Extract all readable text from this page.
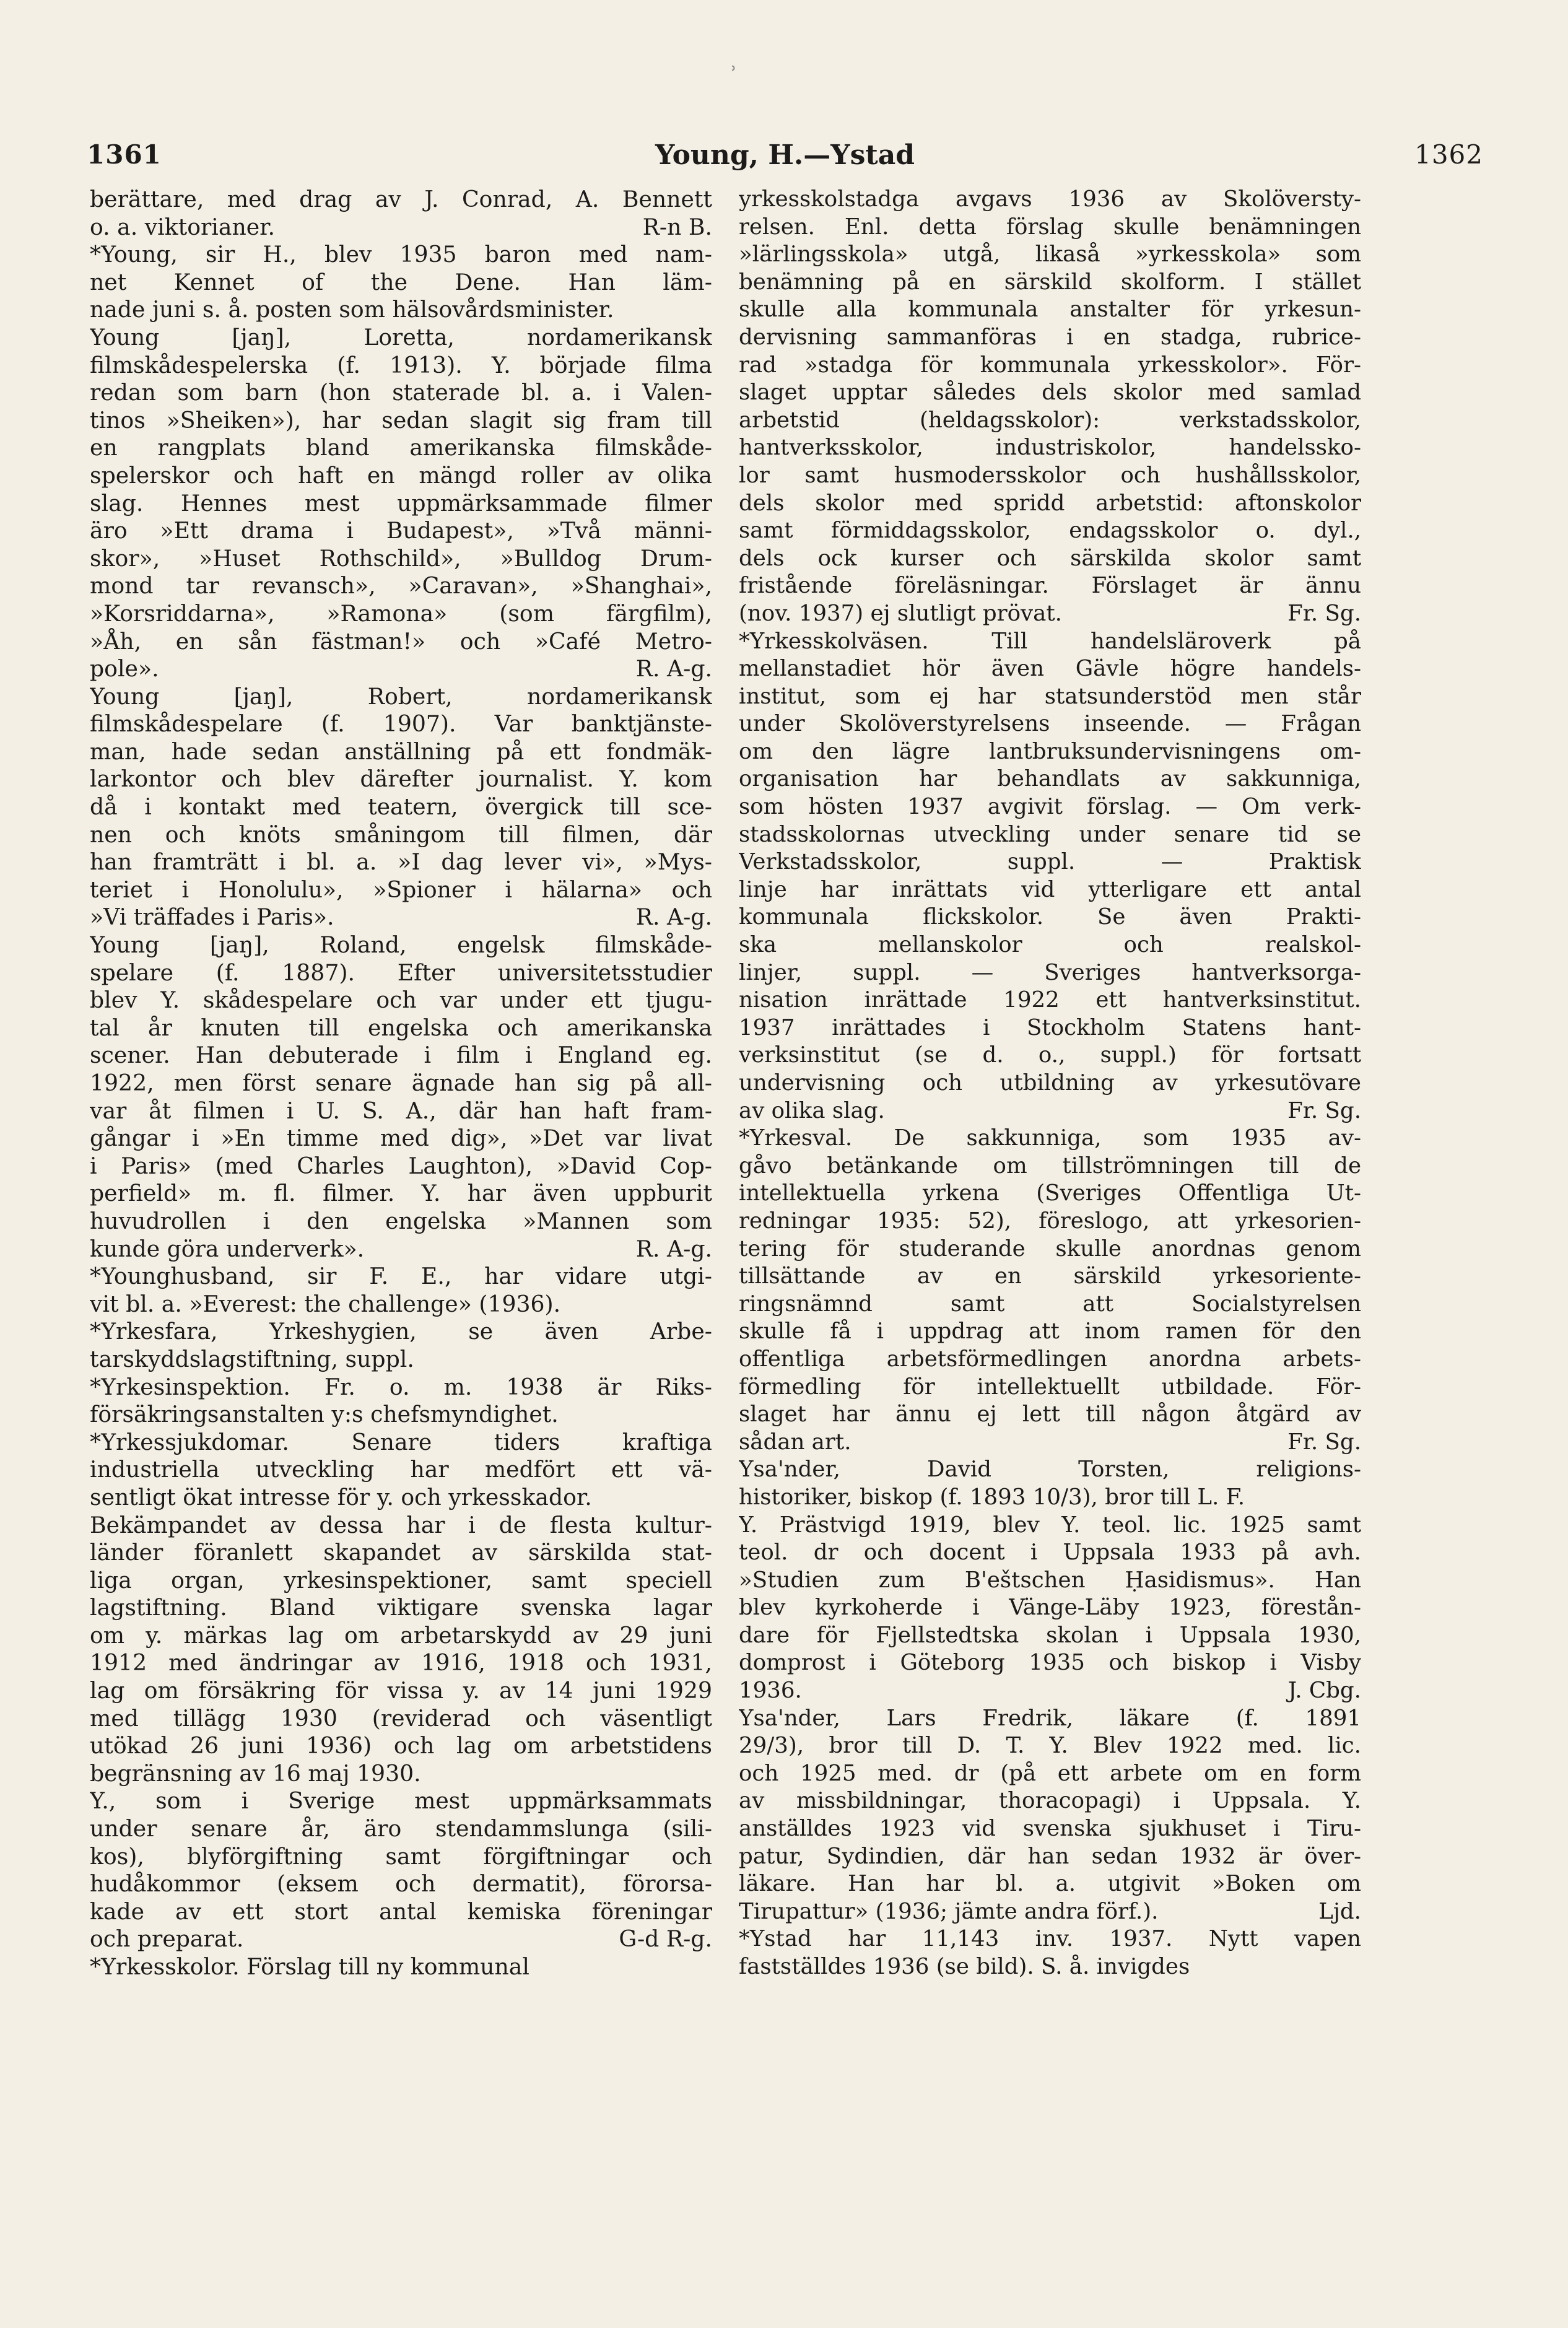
ʾ
1361	Young, H.—Ystad	1362
berättare, med drag av J. Conrad, A. Bennett
o. a. viktorianer.	R-n B.
*Young, sir H., blev 1935 baron med nam-
net Kennet of the Dene. Han läm-
nade juni s. å. posten som hälsovårdsminister.
Young [jaŋ], Loretta, nordamerikansk
filmskådespelerska (f. 1913). Y. började filma
redan som barn (hon staterade bl. a. i Valen-
tinos »Sheiken»), har sedan slagit sig fram till
en rangplats bland amerikanska filmskåde-
spelerskor och haft en mängd roller av olika
slag. Hennes mest uppmärksammade filmer
äro »Ett drama i Budapest», »Två männi-
skor», »Huset Rothschild», »Bulldog Drum-
mond tar revansch», »Caravan», »Shanghai»,
»Korsriddarna», »Ramona» (som färgfilm),
»Åh, en sån fästman!» och »Café Metro-
pole».	R. A-g.
Young [jaŋ], Robert, nordamerikansk
filmskådespelare (f. 1907). Var banktjänste-
man, hade sedan anställning på ett fondmäk-
larkontor och blev därefter journalist. Y. kom
då i kontakt med teatern, övergick till sce-
nen och knöts småningom till filmen, där
han framträtt i bl. a. »I dag lever vi», »Mys-
teriet i Honolulu», »Spioner i hälarna» och
»Vi träffades i Paris».	R. A-g.
Young [jaŋ], Roland, engelsk filmskåde-
spelare (f. 1887). Efter universitetsstudier
blev Y. skådespelare och var under ett tjugu-
tal år knuten till engelska och amerikanska
scener. Han debuterade i film i England eg.
1922, men först senare ägnade han sig på all-
var åt filmen i U. S. A., där han haft fram-
gångar i »En timme med dig», »Det var livat
i Paris» (med Charles Laughton), »David Cop-
perfield» m. fl. filmer. Y. har även uppburit
huvudrollen i den engelska »Mannen som
kunde göra underverk».	R. A-g.
*Younghusband, sir F. E., har vidare utgi-
vit bl. a. »Everest: the challenge» (1936).
*Yrkesfara, Yrkeshygien, se även Arbe-
tarskyddslagstiftning, suppl.
*Yrkesinspektion. Fr. o. m. 1938 är Riks-
försäkringsanstalten y:s chefsmyndighet.
*Yrkessjukdomar. Senare tiders kraftiga
industriella utveckling har medfört ett vä-
sentligt ökat intresse för y. och yrkesskador.
Bekämpandet av dessa har i de flesta kultur-
länder föranlett skapandet av särskilda stat-
liga organ, yrkesinspektioner, samt speciell
lagstiftning. Bland viktigare svenska lagar
om y. märkas lag om arbetarskydd av 29 juni
1912 med ändringar av 1916, 1918 och 1931,
lag om försäkring för vissa y. av 14 juni 1929
med tillägg 1930 (reviderad och väsentligt
utökad 26 juni 1936) och lag om arbetstidens
begränsning av 16 maj 1930.
Y., som i Sverige mest uppmärksammats
under senare år, äro stendammslunga (sili-
kos), blyförgiftning samt förgiftningar och
hudåkommor (eksem och dermatit), förorsa-
kade av ett stort antal kemiska föreningar
och preparat.	G-d R-g.
*Yrkesskolor. Förslag till ny kommunal
yrkesskolstadga avgavs 1936 av Skolöversty-
relsen. Enl. detta förslag skulle benämningen
»lärlingsskola» utgå, likaså »yrkesskola» som
benämning på en särskild skolform. I stället
skulle alla kommunala anstalter för yrkesun-
dervisning sammanföras i en stadga, rubrice-
rad »stadga för kommunala yrkesskolor». För-
slaget upptar således dels skolor med samlad
arbetstid (heldagsskolor): verkstadsskolor,
hantverksskolor, industriskolor, handelssko-
lor samt husmodersskolor och hushållsskolor,
dels skolor med spridd arbetstid: aftonskolor
samt förmiddagsskolor, endagsskolor o. dyl.,
dels ock kurser och särskilda skolor samt
fristående föreläsningar. Förslaget är ännu
(nov. 1937) ej slutligt prövat.	Fr. Sg.
*Yrkesskolväsen. Till handelsläroverk på
mellanstadiet hör även Gävle högre handels-
institut, som ej har statsunderstöd men står
under Skolöverstyrelsens inseende. — Frågan
om den lägre lantbruksundervisningens om-
organisation har behandlats av sakkunniga,
som hösten 1937 avgivit förslag. — Om verk-
stadsskolornas utveckling under senare tid se
Verkstadsskolor, suppl. — Praktisk
linje har inrättats vid ytterligare ett antal
kommunala flickskolor. Se även Prakti-
ska mellanskolor och realskol-
linjer, suppl. — Sveriges hantverksorga-
nisation inrättade 1922 ett hantverksinstitut.
1937 inrättades i Stockholm Statens hant-
verksinstitut (se d. o., suppl.) för fortsatt
undervisning och utbildning av yrkesutövare
av olika slag.	Fr. Sg.
*Yrkesval. De sakkunniga, som 1935 av-
gåvo betänkande om tillströmningen till de
intellektuella yrkena (Sveriges Offentliga Ut-
redningar 1935: 52), föreslogo, att yrkesorien-
tering för studerande skulle anordnas genom
tillsättande av en särskild yrkesoriente-
ringsnämnd samt att Socialstyrelsen
skulle få i uppdrag att inom ramen för den
offentliga arbetsförmedlingen anordna arbets-
förmedling för intellektuellt utbildade. För-
slaget har ännu ej lett till någon åtgärd av
sådan art.	Fr. Sg.
Ysa'nder, David Torsten, religions-
historiker, biskop (f. 1893 10/3), bror till L. F.
Y. Prästvigd 1919, blev Y. teol. lic. 1925 samt
teol. dr och docent i Uppsala 1933 på avh.
»Studien zum B'eštschen Ḥasidismus». Han
blev kyrkoherde i Vänge-Läby 1923, förestån-
dare för Fjellstedtska skolan i Uppsala 1930,
domprost i Göteborg 1935 och biskop i Visby
1936.	J. Cbg.
Ysa'nder, Lars Fredrik, läkare (f. 1891
29/3), bror till D. T. Y. Blev 1922 med. lic.
och 1925 med. dr (på ett arbete om en form
av missbildningar, thoracopagi) i Uppsala. Y.
anställdes 1923 vid svenska sjukhuset i Tiru-
patur, Sydindien, där han sedan 1932 är över-
läkare. Han har bl. a. utgivit »Boken om
Tirupattur» (1936; jämte andra förf.).	Ljd.
*Ystad har 11,143 inv. 1937. Nytt vapen
fastställdes 1936 (se bild). S. å. invigdes
